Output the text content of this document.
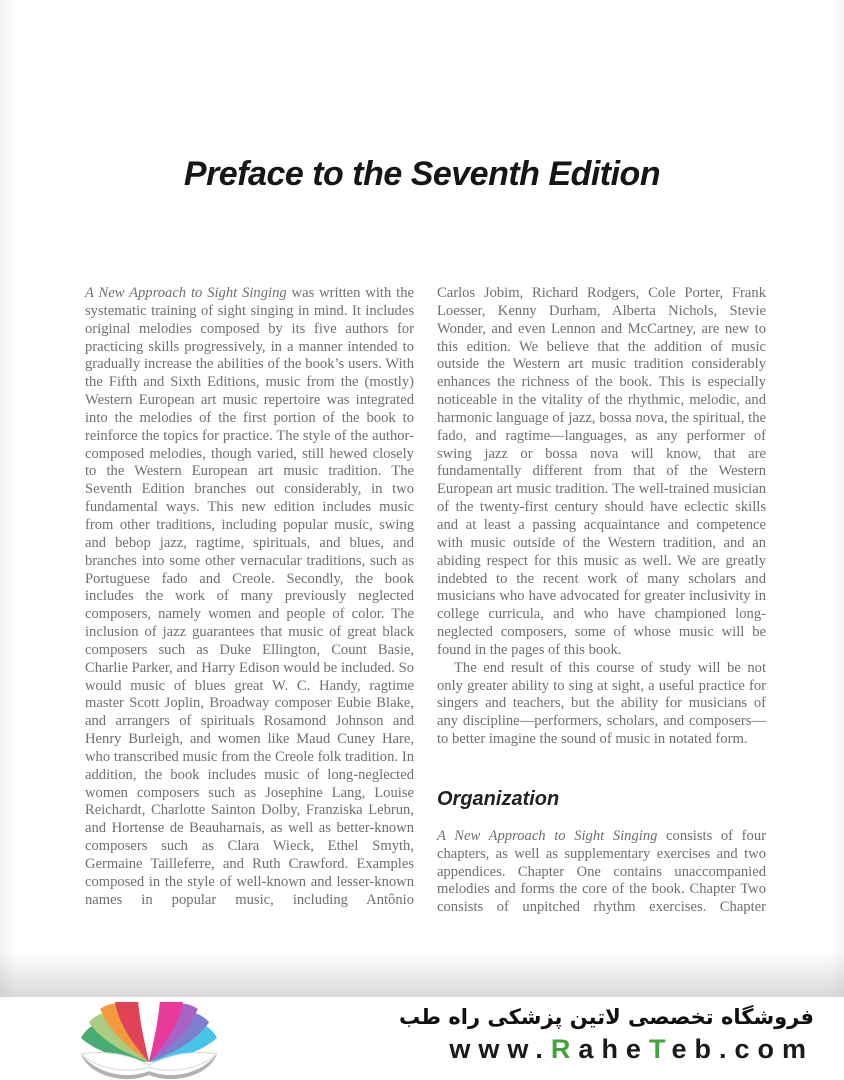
Preface to the Seventh Edition

A New Approach to Sight Singing was written with the systematic training of sight singing in mind. It includes original melodies composed by its five authors for practicing skills progressively, in a manner intended to gradually increase the abilities of the book’s users. With the Fifth and Sixth Editions, music from the (mostly) Western European art music repertoire was integrated into the melodies of the first portion of the book to reinforce the topics for practice. The style of the author-composed melodies, though varied, still hewed closely to the Western European art music tradition. The Seventh Edition branches out considerably, in two fundamental ways. This new edition includes music from other traditions, including popular music, swing and bebop jazz, ragtime, spirituals, and blues, and branches into some other vernacular traditions, such as Portuguese fado and Creole. Secondly, the book includes the work of many previously neglected composers, namely women and people of color. The inclusion of jazz guarantees that music of great black composers such as Duke Ellington, Count Basie, Charlie Parker, and Harry Edison would be included. So would music of blues great W. C. Handy, ragtime master Scott Joplin, Broadway composer Eubie Blake, and arrangers of spirituals Rosamond Johnson and Henry Burleigh, and women like Maud Cuney Hare, who transcribed music from the Creole folk tradition. In addition, the book includes music of long-neglected women composers such as Josephine Lang, Louise Reichardt, Charlotte Sainton Dolby, Franziska Lebrun, and Hortense de Beauharnais, as well as better-known composers such as Clara Wieck, Ethel Smyth, Germaine Tailleferre, and Ruth Crawford. Examples composed in the style of well-known and lesser-known names in popular music, including Antônio

Carlos Jobim, Richard Rodgers, Cole Porter, Frank Loesser, Kenny Durham, Alberta Nichols, Stevie Wonder, and even Lennon and McCartney, are new to this edition. We believe that the addition of music outside the Western art music tradition considerably enhances the richness of the book. This is especially noticeable in the vitality of the rhythmic, melodic, and harmonic language of jazz, bossa nova, the spiritual, the fado, and ragtime—languages, as any performer of swing jazz or bossa nova will know, that are fundamentally different from that of the Western European art music tradition. The well-trained musician of the twenty-first century should have eclectic skills and at least a passing acquaintance and competence with music outside of the Western tradition, and an abiding respect for this music as well. We are greatly indebted to the recent work of many scholars and musicians who have advocated for greater inclusivity in college curricula, and who have championed long-neglected composers, some of whose music will be found in the pages of this book.

The end result of this course of study will be not only greater ability to sing at sight, a useful practice for singers and teachers, but the ability for musicians of any discipline—performers, scholars, and composers—to better imagine the sound of music in notated form.

Organization

A New Approach to Sight Singing consists of four chapters, as well as supplementary exercises and two appendices. Chapter One contains unaccompanied melodies and forms the core of the book. Chapter Two consists of unpitched rhythm exercises. Chapter

فروشگاه تخصصی لاتین پزشکی راه طب
www.RaheTeb.com
